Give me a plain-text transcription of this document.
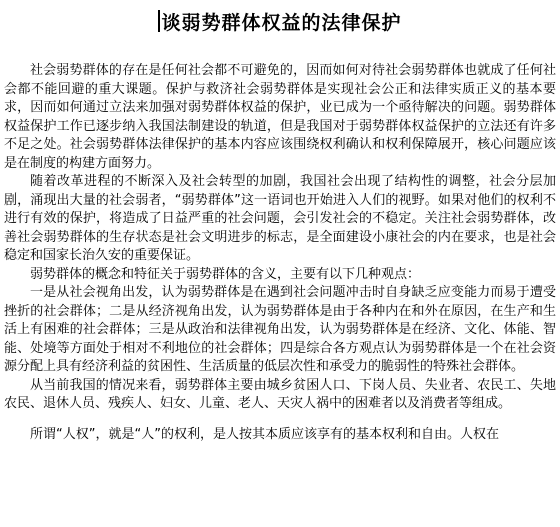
谈弱势群体权益的法律保护

社会弱势群体的存在是任何社会都不可避免的，因而如何对待社会弱势群体也就成了任何社会都不能回避的重大课题。保护与救济社会弱势群体是实现社会公正和法律实质正义的基本要求，因而如何通过立法来加强对弱势群体权益的保护，业已成为一个亟待解决的问题。弱势群体权益保护工作已逐步纳入我国法制建设的轨道，但是我国对于弱势群体权益保护的立法还有许多不足之处。社会弱势群体法律保护的基本内容应该围绕权利确认和权利保障展开，核心问题应该是在制度的构建方面努力。

随着改革进程的不断深入及社会转型的加剧，我国社会出现了结构性的调整，社会分层加剧，涌现出大量的社会弱者，“弱势群体”这一语词也开始进入人们的视野。如果对他们的权利不进行有效的保护，将造成了日益严重的社会问题，会引发社会的不稳定。关注社会弱势群体，改善社会弱势群体的生存状态是社会文明进步的标志，是全面建设小康社会的内在要求，也是社会稳定和国家长治久安的重要保证。

弱势群体的概念和特征关于弱势群体的含义，主要有以下几种观点：

一是从社会视角出发，认为弱势群体是在遇到社会问题冲击时自身缺乏应变能力而易于遭受挫折的社会群体；二是从经济视角出发，认为弱势群体是由于各种内在和外在原因，在生产和生活上有困难的社会群体；三是从政治和法律视角出发，认为弱势群体是在经济、文化、体能、智能、处境等方面处于相对不利地位的社会群体；四是综合各方观点认为弱势群体是一个在社会资源分配上具有经济利益的贫困性、生活质量的低层次性和承受力的脆弱性的特殊社会群体。

从当前我国的情况来看，弱势群体主要由城乡贫困人口、下岗人员、失业者、农民工、失地农民、退休人员、残疾人、妇女、儿童、老人、天灾人祸中的困难者以及消费者等组成。

所谓“人权”，就是“人”的权利，是人按其本质应该享有的基本权利和自由。人权在
